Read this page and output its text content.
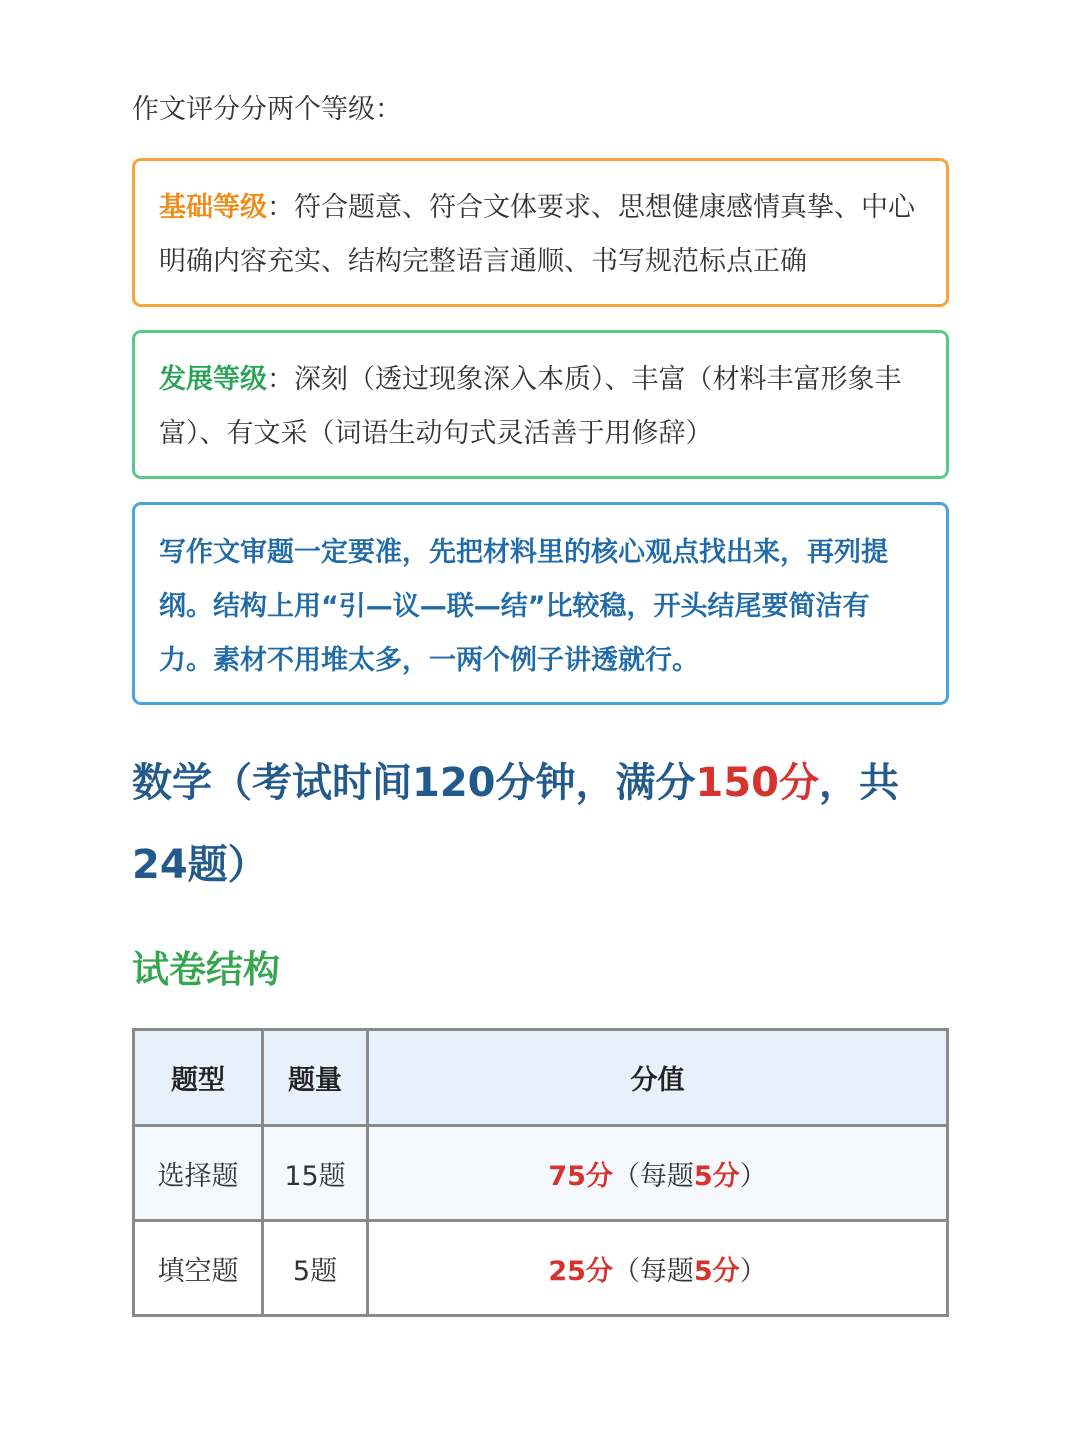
作文评分分两个等级：

基础等级：符合题意、符合文体要求、思想健康感情真挚、中心明确内容充实、结构完整语言通顺、书写规范标点正确

发展等级：深刻（透过现象深入本质）、丰富（材料丰富形象丰富）、有文采（词语生动句式灵活善于用修辞）

写作文审题一定要准，先把材料里的核心观点找出来，再列提纲。结构上用“引—议—联—结”比较稳，开头结尾要简洁有力。素材不用堆太多，一两个例子讲透就行。

数学（考试时间120分钟，满分150分，共24题）
试卷结构
题型	题量	分值
选择题	15题	75分（每题5分）
填空题	5题	25分（每题5分）
